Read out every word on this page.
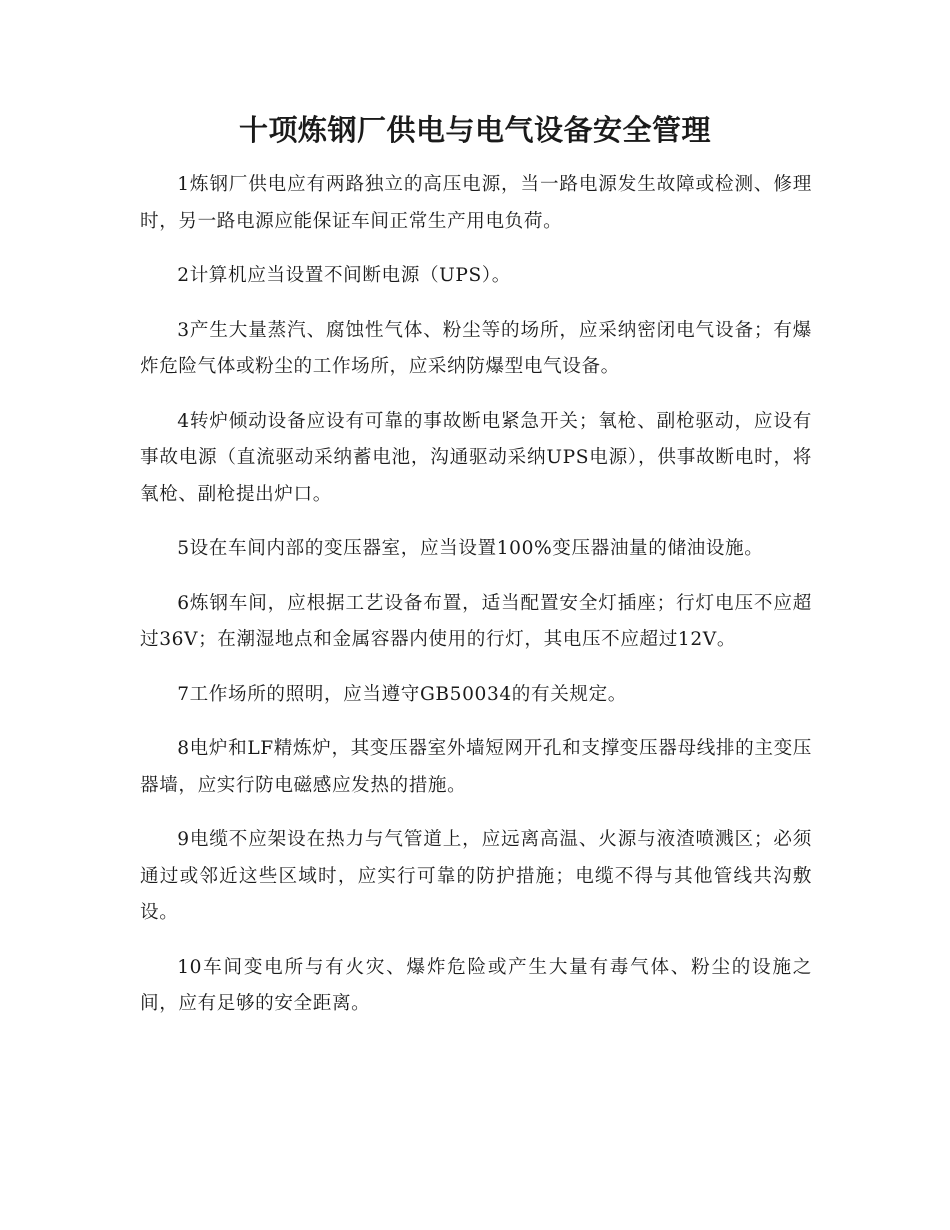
十项炼钢厂供电与电气设备安全管理

1炼钢厂供电应有两路独立的高压电源，当一路电源发生故障或检测、修理时，另一路电源应能保证车间正常生产用电负荷。

2计算机应当设置不间断电源（UPS）。

3产生大量蒸汽、腐蚀性气体、粉尘等的场所，应采纳密闭电气设备；有爆炸危险气体或粉尘的工作场所，应采纳防爆型电气设备。

4转炉倾动设备应设有可靠的事故断电紧急开关；氧枪、副枪驱动，应设有事故电源（直流驱动采纳蓄电池，沟通驱动采纳UPS电源），供事故断电时，将氧枪、副枪提出炉口。

5设在车间内部的变压器室，应当设置100%变压器油量的储油设施。

6炼钢车间，应根据工艺设备布置，适当配置安全灯插座；行灯电压不应超过36V；在潮湿地点和金属容器内使用的行灯，其电压不应超过12V。

7工作场所的照明，应当遵守GB50034的有关规定。

8电炉和LF精炼炉，其变压器室外墙短网开孔和支撑变压器母线排的主变压器墙，应实行防电磁感应发热的措施。

9电缆不应架设在热力与气管道上，应远离高温、火源与液渣喷溅区；必须通过或邻近这些区域时，应实行可靠的防护措施；电缆不得与其他管线共沟敷设。

10车间变电所与有火灾、爆炸危险或产生大量有毒气体、粉尘的设施之间，应有足够的安全距离。
